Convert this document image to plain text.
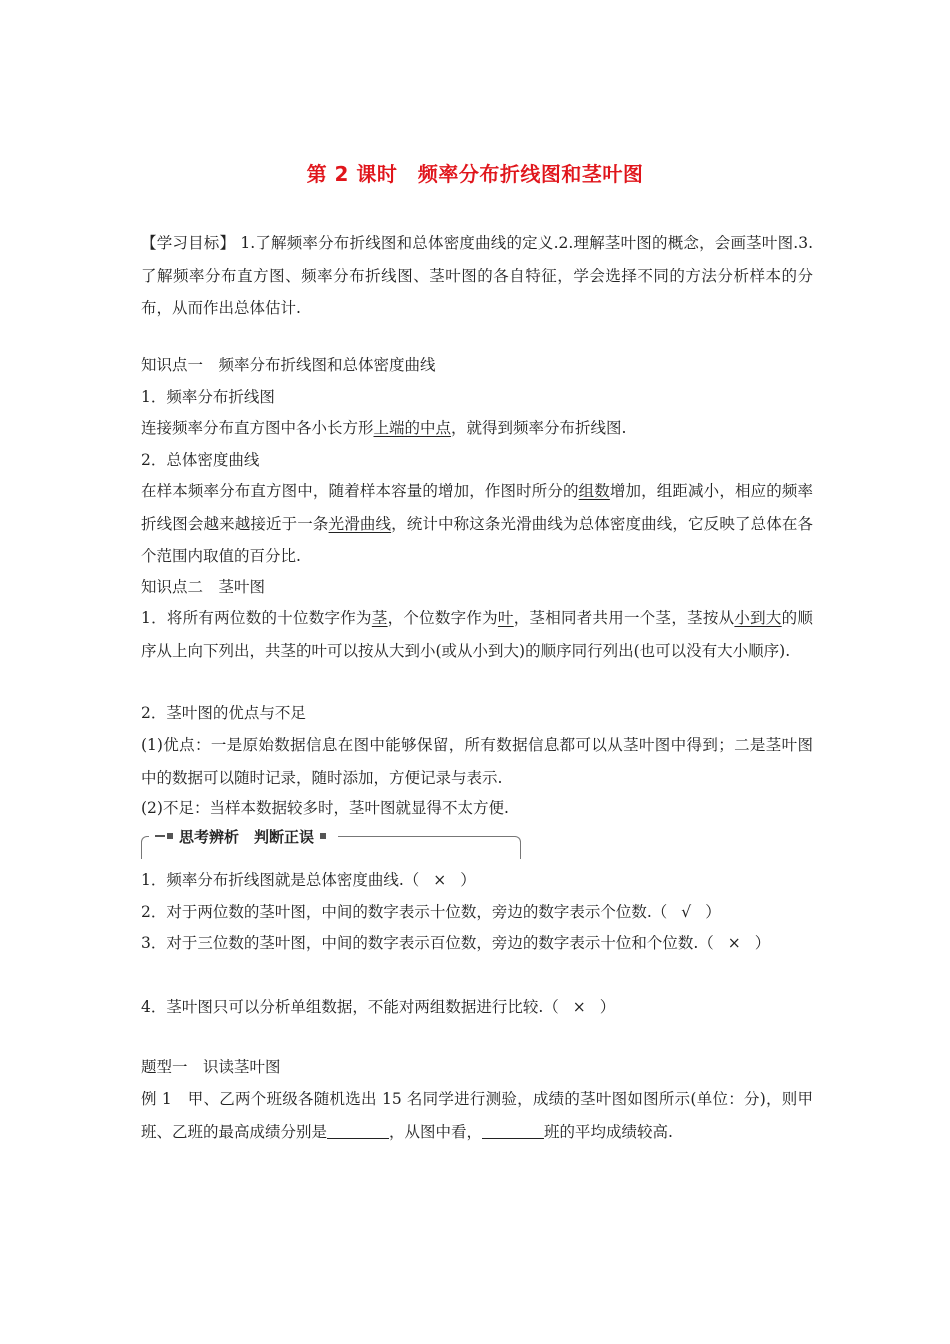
第 2 课时　频率分布折线图和茎叶图
【学习目标】 1.了解频率分布折线图和总体密度曲线的定义.2.理解茎叶图的概念，会画茎叶图.3.了解频率分布直方图、频率分布折线图、茎叶图的各自特征，学会选择不同的方法分析样本的分布，从而作出总体估计.
知识点一　频率分布折线图和总体密度曲线
1．频率分布折线图
连接频率分布直方图中各小长方形上端的中点，就得到频率分布折线图.
2．总体密度曲线
在样本频率分布直方图中，随着样本容量的增加，作图时所分的组数增加，组距减小，相应的频率折线图会越来越接近于一条光滑曲线，统计中称这条光滑曲线为总体密度曲线，它反映了总体在各个范围内取值的百分比.
知识点二　茎叶图
1．将所有两位数的十位数字作为茎，个位数字作为叶，茎相同者共用一个茎，茎按从小到大的顺序从上向下列出，共茎的叶可以按从大到小(或从小到大)的顺序同行列出(也可以没有大小顺序).
2．茎叶图的优点与不足
(1)优点：一是原始数据信息在图中能够保留，所有数据信息都可以从茎叶图中得到；二是茎叶图中的数据可以随时记录，随时添加，方便记录与表示.
(2)不足：当样本数据较多时，茎叶图就显得不太方便.
思考辨析　判断正误
1．频率分布折线图就是总体密度曲线.（ × ）
2．对于两位数的茎叶图，中间的数字表示十位数，旁边的数字表示个位数.（ √ ）
3．对于三位数的茎叶图，中间的数字表示百位数，旁边的数字表示十位和个位数.（ × ）
4．茎叶图只可以分析单组数据，不能对两组数据进行比较.（ × ）
题型一　识读茎叶图
例 1　甲、乙两个班级各随机选出 15 名同学进行测验，成绩的茎叶图如图所示(单位：分)，则甲班、乙班的最高成绩分别是	，从图中看，	班的平均成绩较高.
